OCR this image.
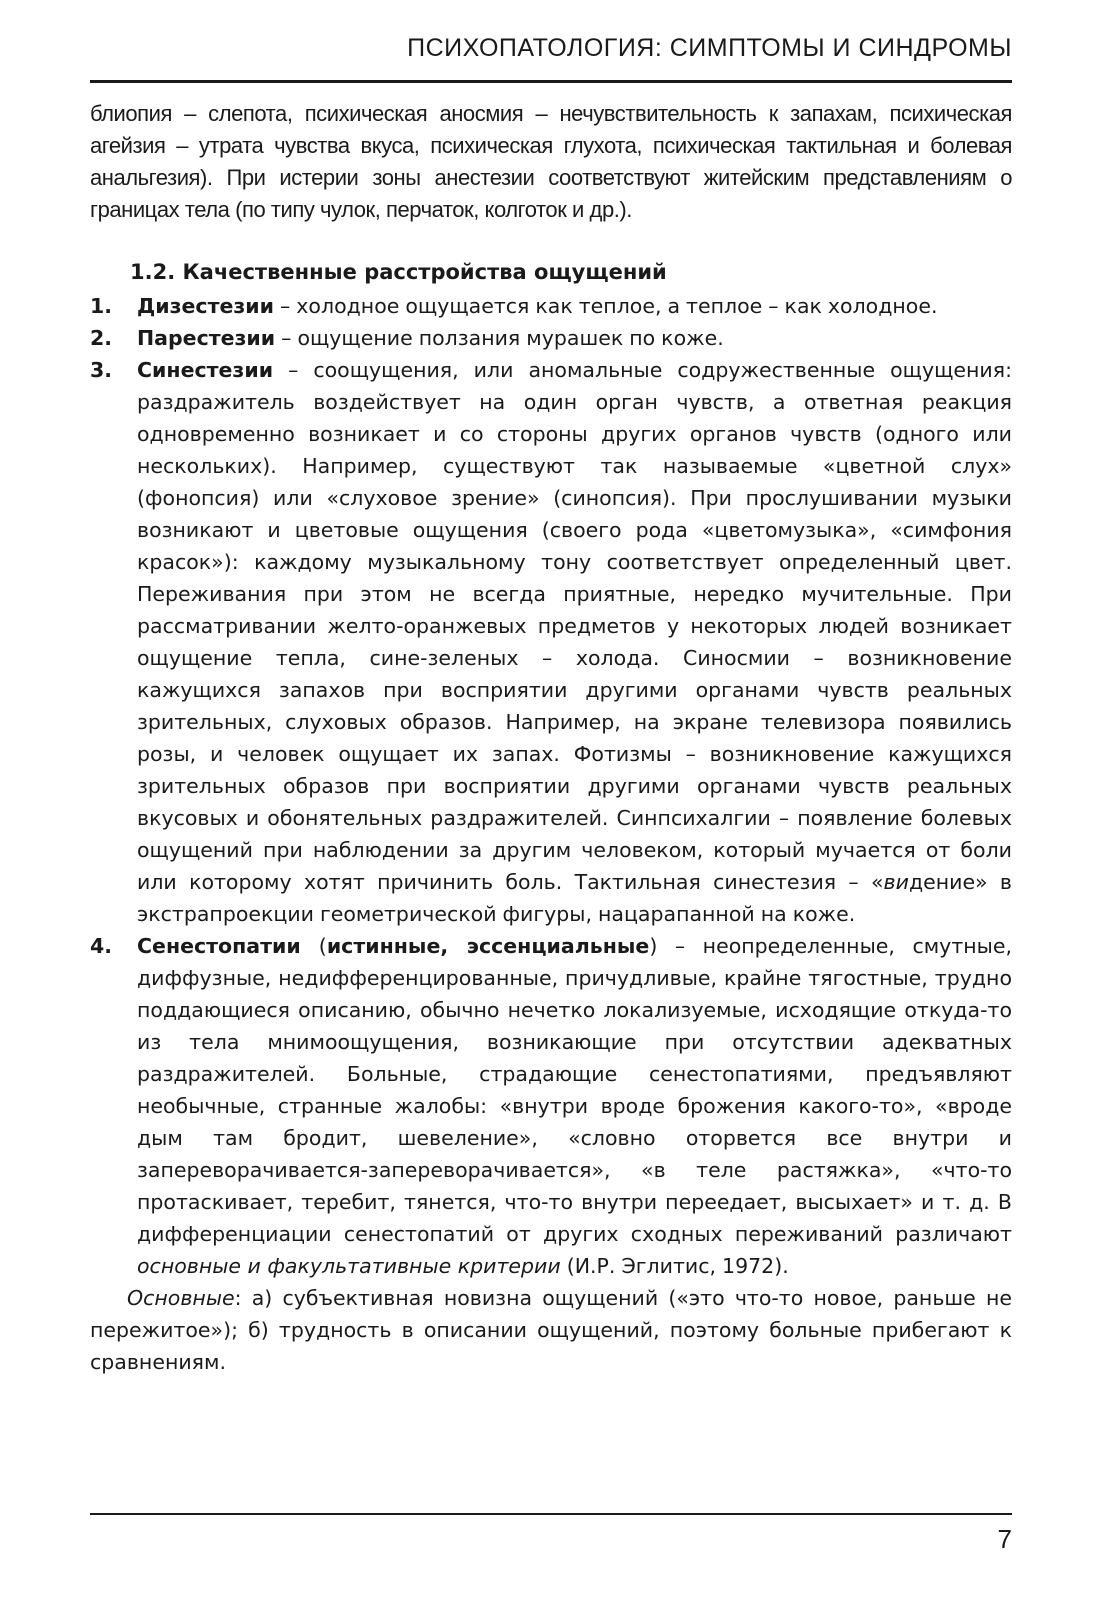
ПСИХОПАТОЛОГИЯ: СИМПТОМЫ И СИНДРОМЫ

блиопия – слепота, психическая аносмия – нечувствительность к запахам, психическая агейзия – утрата чувства вкуса, психическая глухота, психическая тактильная и болевая анальгезия). При истерии зоны анестезии соответствуют житейским представлениям о границах тела (по типу чулок, перчаток, колготок и др.).

1.2. Качественные расстройства ощущений
1. Дизестезии – холодное ощущается как теплое, а теплое – как холодное.
2. Парестезии – ощущение ползания мурашек по коже.
3. Синестезии – соощущения, или аномальные содружественные ощущения: раздражитель воздействует на один орган чувств, а ответная реакция одновременно возникает и со стороны других органов чувств (одного или нескольких). Например, существуют так называемые «цветной слух» (фонопсия) или «слуховое зрение» (синопсия). При прослушивании музыки возникают и цветовые ощущения (своего рода «цветомузыка», «симфония красок»): каждому музыкальному тону соответствует определенный цвет. Переживания при этом не всегда приятные, нередко мучительные. При рассматривании желто-оранжевых предметов у некоторых людей возникает ощущение тепла, сине-зеленых – холода. Синосмии – возникновение кажущихся запахов при восприятии другими органами чувств реальных зрительных, слуховых образов. Например, на экране телевизора появились розы, и человек ощущает их запах. Фотизмы – возникновение кажущихся зрительных образов при восприятии другими органами чувств реальных вкусовых и обонятельных раздражителей. Синпсихалгии – появление болевых ощущений при наблюдении за другим человеком, который мучается от боли или которому хотят причинить боль. Тактильная синестезия – «видение» в экстрапроекции геометрической фигуры, нацарапанной на коже.
4. Сенестопатии (истинные, эссенциальные) – неопределенные, смутные, диффузные, недифференцированные, причудливые, крайне тягостные, трудно поддающиеся описанию, обычно нечетко локализуемые, исходящие откуда-то из тела мнимоощущения, возникающие при отсутствии адекватных раздражителей. Больные, страдающие сенестопатиями, предъявляют необычные, странные жалобы: «внутри вроде брожения какого-то», «вроде дым там бродит, шевеление», «словно оторвется все внутри и запереворачивается-запереворачивается», «в теле растяжка», «что-то протаскивает, теребит, тянется, что-то внутри переедает, высыхает» и т. д. В дифференциации сенестопатий от других сходных переживаний различают основные и факультативные критерии (И.Р. Эглитис, 1972).

Основные: а) субъективная новизна ощущений («это что-то новое, раньше не пережитое»); б) трудность в описании ощущений, поэтому больные прибегают к сравнениям.

7
